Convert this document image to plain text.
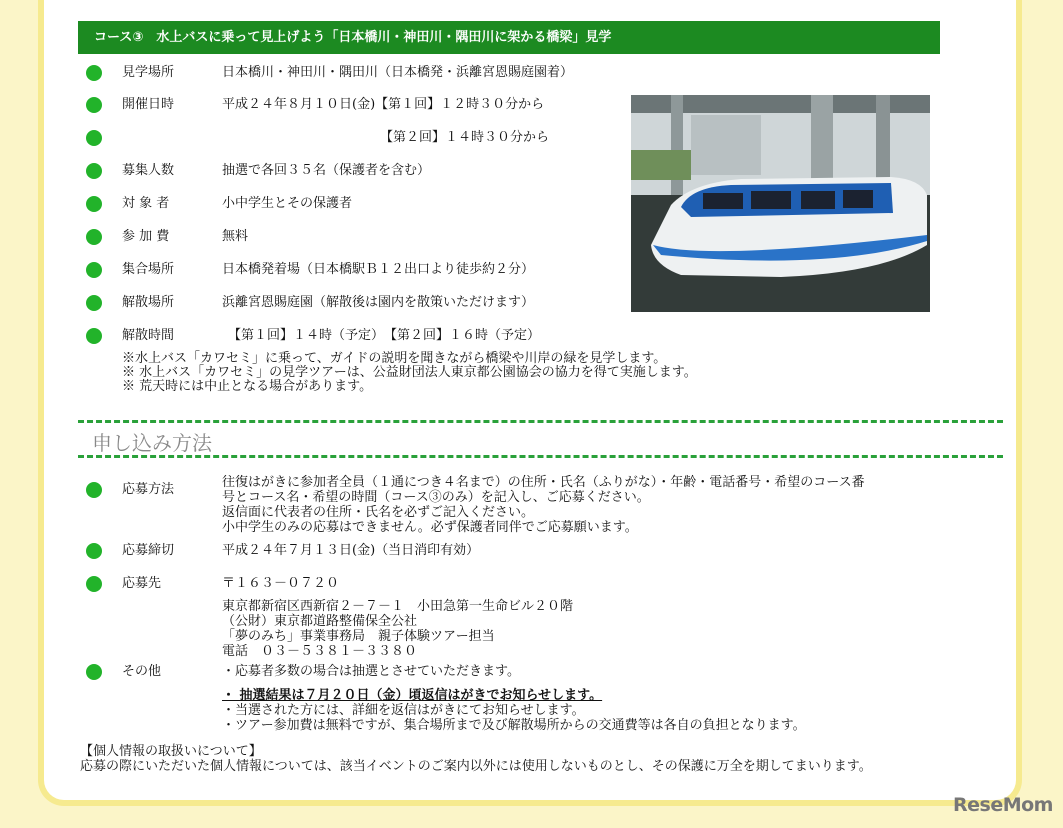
コース③　水上バスに乗って見上げよう「日本橋川・神田川・隅田川に架かる橋梁」見学
見学場所	日本橋川・神田川・隅田川（日本橋発・浜離宮恩賜庭園着）
開催日時	平成２４年８月１０日(金)【第１回】１２時３０分から
【第２回】１４時３０分から
募集人数	抽選で各回３５名（保護者を含む）
対 象 者	小中学生とその保護者
参 加 費	無料
集合場所	日本橋発着場（日本橋駅Ｂ１２出口より徒歩約２分）
解散場所	浜離宮恩賜庭園（解散後は園内を散策いただけます）
解散時間	【第１回】１４時（予定）　【第２回】１６時（予定）
※水上バス「カワセミ」に乗って、ガイドの説明を聞きながら橋梁や川岸の緑を見学します。
※ 水上バス「カワセミ」の見学ツアーは、公益財団法人東京都公園協会の協力を得て実施します。
※ 荒天時には中止となる場合があります。
申し込み方法
応募方法	往復はがきに参加者全員（１通につき４名まで）の住所・氏名（ふりがな）・年齢・電話番号・希望のコース番
号とコース名・希望の時間（コース③のみ）を記入し、ご応募ください。
返信面に代表者の住所・氏名を必ずご記入ください。
小中学生のみの応募はできません。必ず保護者同伴でご応募願います。
応募締切	平成２４年７月１３日(金)（当日消印有効）
応募先	〒１６３－０７２０
東京都新宿区西新宿２－７－１　小田急第一生命ビル２０階
（公財）東京都道路整備保全公社
「夢のみち」事業事務局　親子体験ツアー担当
電話　０３－５３８１－３３８０
その他	・応募者多数の場合は抽選とさせていただきます。
・ 抽選結果は７月２０日（金）頃返信はがきでお知らせします。
・当選された方には、詳細を返信はがきにてお知らせします。
・ツアー参加費は無料ですが、集合場所まで及び解散場所からの交通費等は各自の負担となります。
【個人情報の取扱いについて】
応募の際にいただいた個人情報については、該当イベントのご案内以外には使用しないものとし、その保護に万全を期してまいります。
ReseMom
